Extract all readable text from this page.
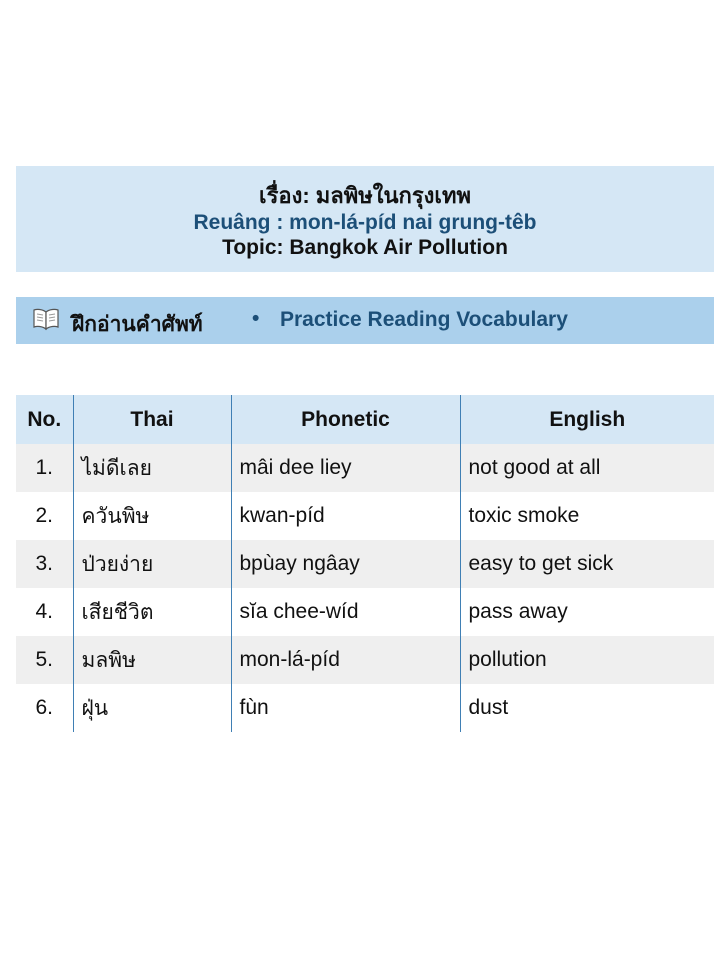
เรื่อง: มลพิษในกรุงเทพ
Reuâng : mon-lá-píd nai grung-têb
Topic: Bangkok Air Pollution
ฝึกอ่านคำศัพท์ • Practice Reading Vocabulary
No.	Thai	Phonetic	English
1.	ไม่ดีเลย	mâi dee liey	not good at all
2.	ควันพิษ	kwan-píd	toxic smoke
3.	ป่วยง่าย	bpùay ngâay	easy to get sick
4.	เสียชีวิต	sĭa chee-wíd	pass away
5.	มลพิษ	mon-lá-píd	pollution
6.	ฝุ่น	fùn	dust
